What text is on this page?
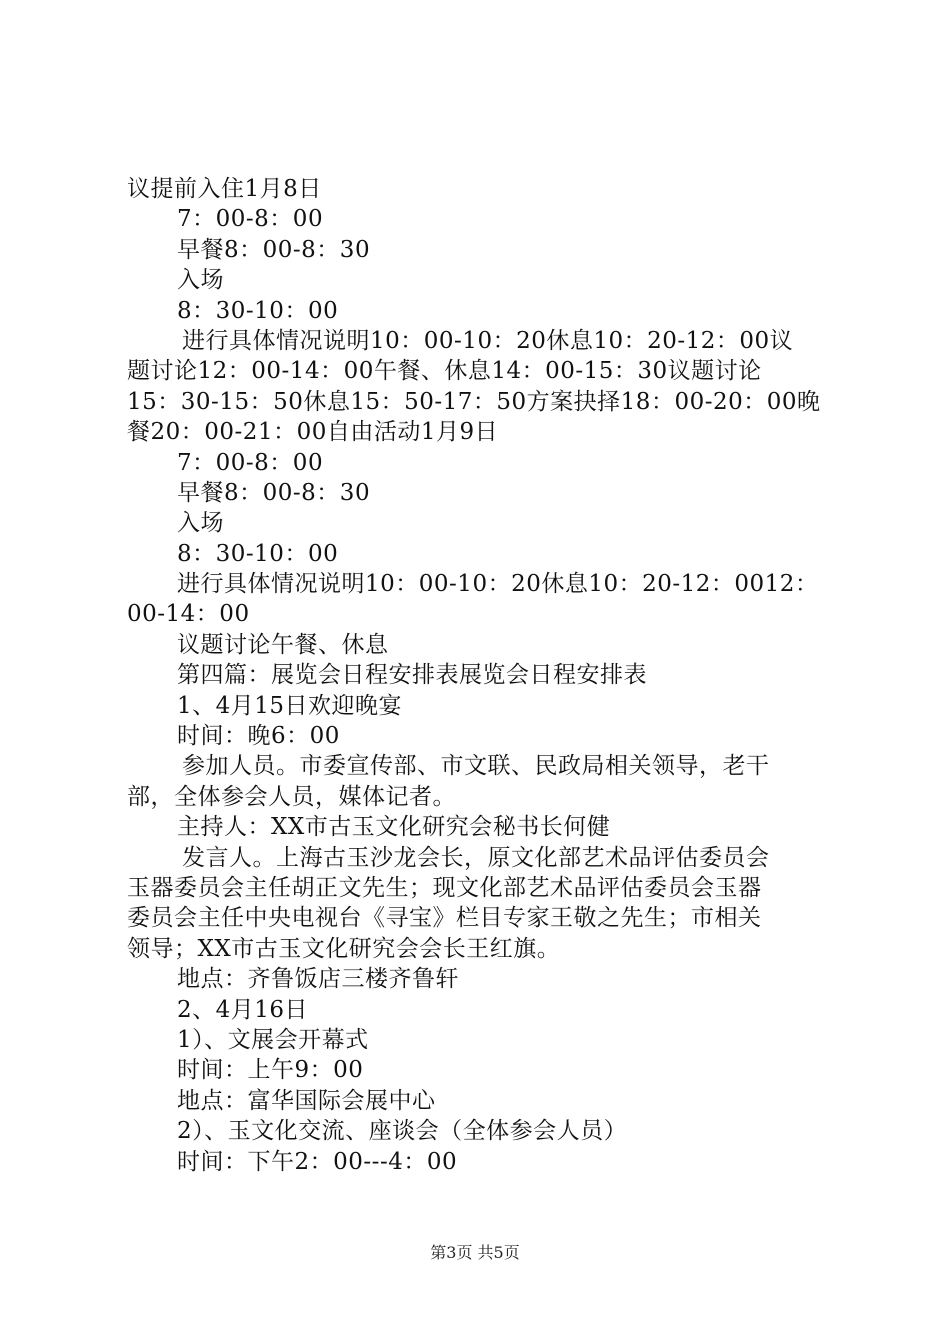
议提前入住1月8日
7：00-8：00
早餐8：00-8：30
入场
8：30-10：00
进行具体情况说明10：00-10：20休息10：20-12：00议
题讨论12：00-14：00午餐、休息14：00-15：30议题讨论
15：30-15：50休息15：50-17：50方案抉择18：00-20：00晚
餐20：00-21：00自由活动1月9日
7：00-8：00
早餐8：00-8：30
入场
8：30-10：00
进行具体情况说明10：00-10：20休息10：20-12：0012：
00-14：00
议题讨论午餐、休息
第四篇：展览会日程安排表展览会日程安排表
1、4月15日欢迎晚宴
时间：晚6：00
参加人员。市委宣传部、市文联、民政局相关领导，老干
部，全体参会人员，媒体记者。
主持人：XX市古玉文化研究会秘书长何健
发言人。上海古玉沙龙会长，原文化部艺术品评估委员会
玉器委员会主任胡正文先生；现文化部艺术品评估委员会玉器
委员会主任中央电视台《寻宝》栏目专家王敬之先生；市相关
领导；XX市古玉文化研究会会长王红旗。
地点：齐鲁饭店三楼齐鲁轩
2、4月16日
1）、文展会开幕式
时间：上午9：00
地点：富华国际会展中心
2）、玉文化交流、座谈会（全体参会人员）
时间：下午2：00---4：00
第3页 共5页
